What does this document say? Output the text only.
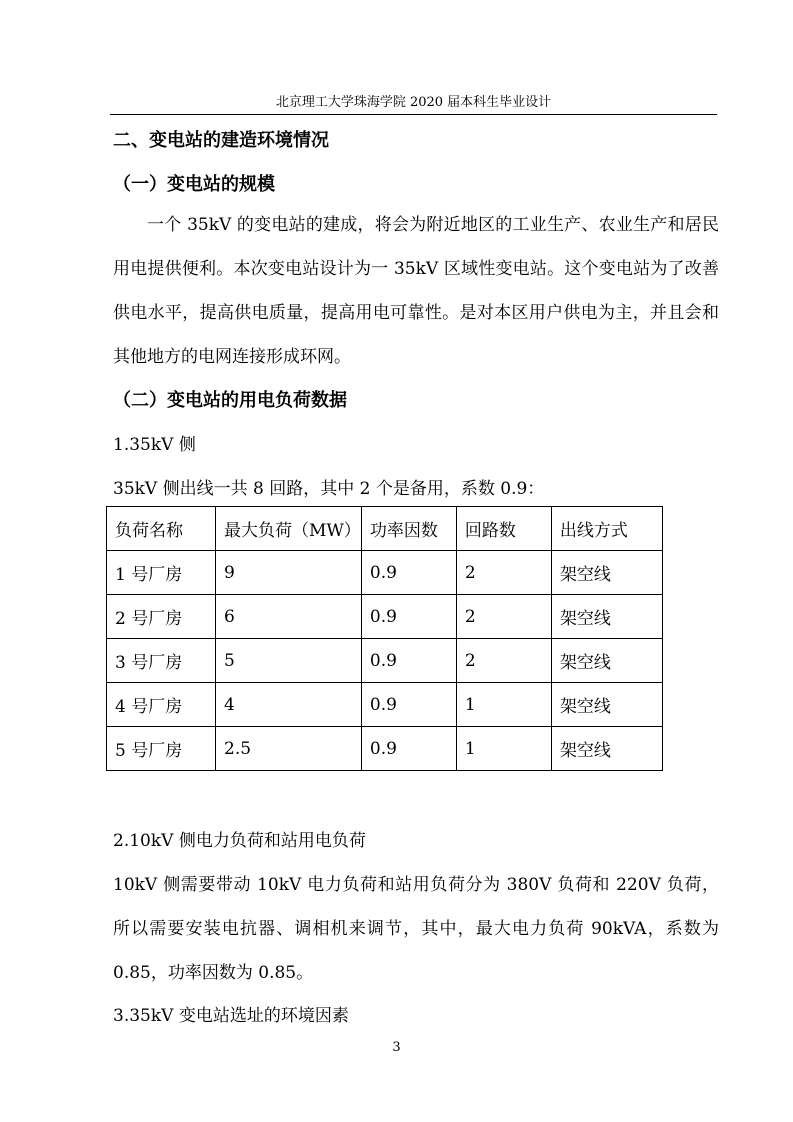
北京理工大学珠海学院 2020 届本科生毕业设计
二、变电站的建造环境情况
（一）变电站的规模
一个 35kV 的变电站的建成，将会为附近地区的工业生产、农业生产和居民用电提供便利。本次变电站设计为一 35kV 区域性变电站。这个变电站为了改善供电水平，提高供电质量，提高用电可靠性。是对本区用户供电为主，并且会和其他地方的电网连接形成环网。
（二）变电站的用电负荷数据
1.35kV 侧
35kV 侧出线一共 8 回路，其中 2 个是备用，系数 0.9：
负荷名称	最大负荷（MW）	功率因数	回路数	出线方式
1 号厂房	9	0.9	2	架空线
2 号厂房	6	0.9	2	架空线
3 号厂房	5	0.9	2	架空线
4 号厂房	4	0.9	1	架空线
5 号厂房	2.5	0.9	1	架空线
2.10kV 侧电力负荷和站用电负荷
10kV 侧需要带动 10kV 电力负荷和站用负荷分为 380V 负荷和 220V 负荷，所以需要安装电抗器、调相机来调节，其中，最大电力负荷 90kVA，系数为 0.85，功率因数为 0.85。
3.35kV 变电站选址的环境因素
3
